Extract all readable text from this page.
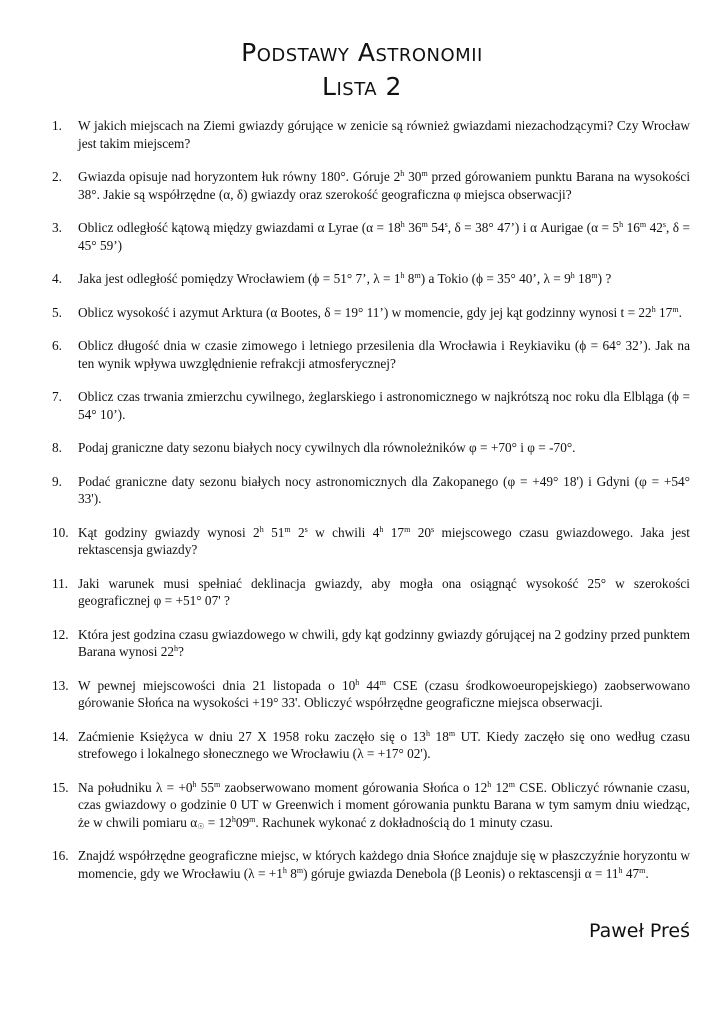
Podstawy Astronomii
Lista 2
1.	W jakich miejscach na Ziemi gwiazdy górujące w zenicie są również gwiazdami niezachodzącymi? Czy Wrocław jest takim miejscem?
2.	Gwiazda opisuje nad horyzontem łuk równy 180°. Góruje 2$^h$ 30$^m$ przed górowaniem punktu Barana na wysokości 38°. Jakie są współrzędne (α, δ) gwiazdy oraz szerokość geograficzna φ miejsca obserwacji?
3.	Oblicz odległość kątową między gwiazdami α Lyrae ($\alpha = 18^h$ 36$^m$ 54$^s$, δ = 38° 47’) i α Aurigae ($\alpha = 5^h$ 16$^m$ 42$^s$, δ = 45° 59’)
4.	Jaka jest odległość pomiędzy Wrocławiem (ϕ = 51° 7’, $\lambda = 1^h$ 8$^m$) a Tokio (ϕ = 35° 40’, $\lambda = 9^h$ 18$^m$) ?
5.	Oblicz wysokość i azymut Arktura (α Bootes, δ = 19° 11’) w momencie, gdy jej kąt godzinny wynosi $t = 22^h$ 17$^m$.
6.	Oblicz długość dnia w czasie zimowego i letniego przesilenia dla Wrocławia i Reykiaviku (ϕ = 64° 32’). Jak na ten wynik wpływa uwzględnienie refrakcji atmosferycznej?
7.	Oblicz czas trwania zmierzchu cywilnego, żeglarskiego i astronomicznego w najkrótszą noc roku dla Elbląga (ϕ = 54° 10’).
8.	Podaj graniczne daty sezonu białych nocy cywilnych dla równoleżników φ = +70° i φ = -70°.
9.	Podać graniczne daty sezonu białych nocy astronomicznych dla Zakopanego (φ = +49° 18') i Gdyni (φ = +54° 33').
10. Kąt godziny gwiazdy wynosi 2$^h$ 51$^m$ 2$^s$ w chwili 4$^h$ 17$^m$ 20$^s$ miejscowego czasu gwiazdowego. Jaka jest rektascensja gwiazdy?
11. Jaki warunek musi spełniać deklinacja gwiazdy, aby mogła ona osiągnąć wysokość 25° w szerokości geograficznej φ = +51° 07' ?
12. Która jest godzina czasu gwiazdowego w chwili, gdy kąt godzinny gwiazdy górującej na 2 godziny przed punktem Barana wynosi 22$^h$?
13. W pewnej miejscowości dnia 21 listopada o 10$^h$ 44$^m$ CSE (czasu środkowoeuropejskiego) zaobserwowano górowanie Słońca na wysokości +19° 33'. Obliczyć współrzędne geograficzne miejsca obserwacji.
14. Zaćmienie Księżyca w dniu 27 X 1958 roku zaczęło się o 13$^h$ 18$^m$ UT. Kiedy zaczęło się ono według czasu strefowego i lokalnego słonecznego we Wrocławiu (λ = +17° 02').
15. Na południku $\lambda = +0^h$ 55$^m$ zaobserwowano moment górowania Słońca o 12$^h$ 12$^m$ CSE. Obliczyć równanie czasu, czas gwiazdowy o godzinie 0 UT w Greenwich i moment górowania punktu Barana w tym samym dniu wiedząc, że w chwili pomiaru $\alpha_☉ = 12^h09^m$. Rachunek wykonać z dokładnością do 1 minuty czasu.
16. Znajdź współrzędne geograficzne miejsc, w których każdego dnia Słońce znajduje się w płaszczyźnie horyzontu w momencie, gdy we Wrocławiu ($\lambda = +1^h$ 8$^m$) góruje gwiazda Denebola (β Leonis) o rektascensji $\alpha = 11^h$ 47$^m$.
Paweł Preś
